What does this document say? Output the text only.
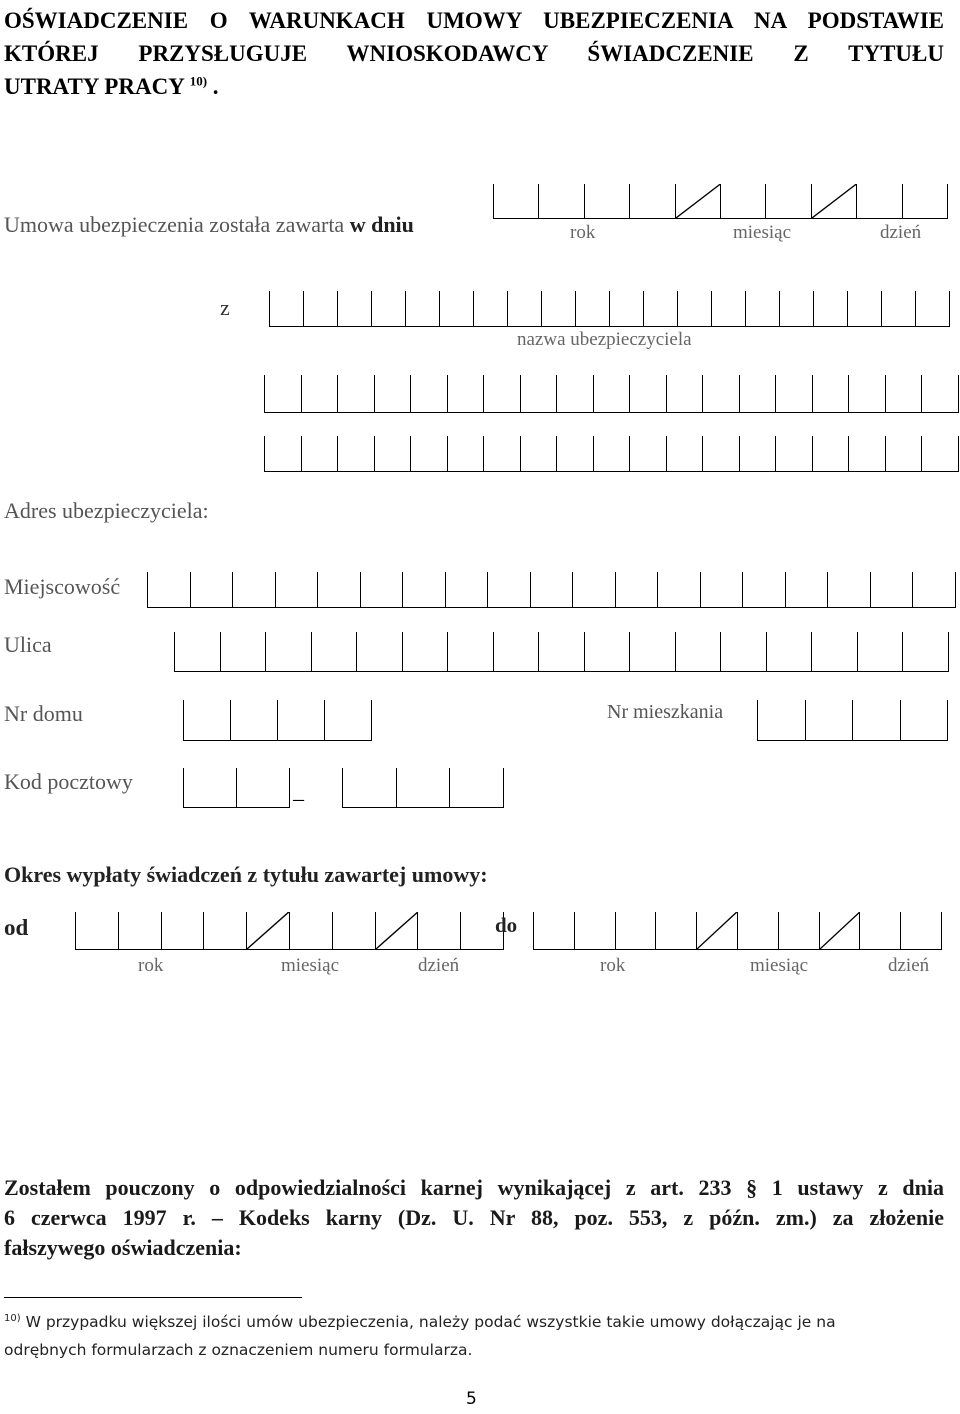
OŚWIADCZENIE O WARUNKACH UMOWY UBEZPIECZENIA NA PODSTAWIE
KTÓREJ PRZYSŁUGUJE WNIOSKODAWCY ŚWIADCZENIE Z TYTUŁU
UTRATY PRACY $^{10)}$ .
Umowa ubezpieczenia została zawarta w dniu	rok	miesiąc	dzień
z
nazwa ubezpieczyciela
Adres ubezpieczyciela:
Miejscowość
Ulica
Nr domu	Nr mieszkania
Kod pocztowy	_
Okres wypłaty świadczeń z tytułu zawartej umowy:
od
rok	miesiąc	dzień
do
rok	miesiąc	dzień
Zostałem pouczony o odpowiedzialności karnej wynikającej z art. 233 § 1 ustawy z dnia
6 czerwca 1997 r. – Kodeks karny (Dz. U. Nr 88, poz. 553, z późn. zm.) za złożenie
fałszywego oświadczenia:
$^{10)}$ W przypadku większej ilości umów ubezpieczenia, należy podać wszystkie takie umowy dołączając je na
odrębnych formularzach z oznaczeniem numeru formularza.
5
